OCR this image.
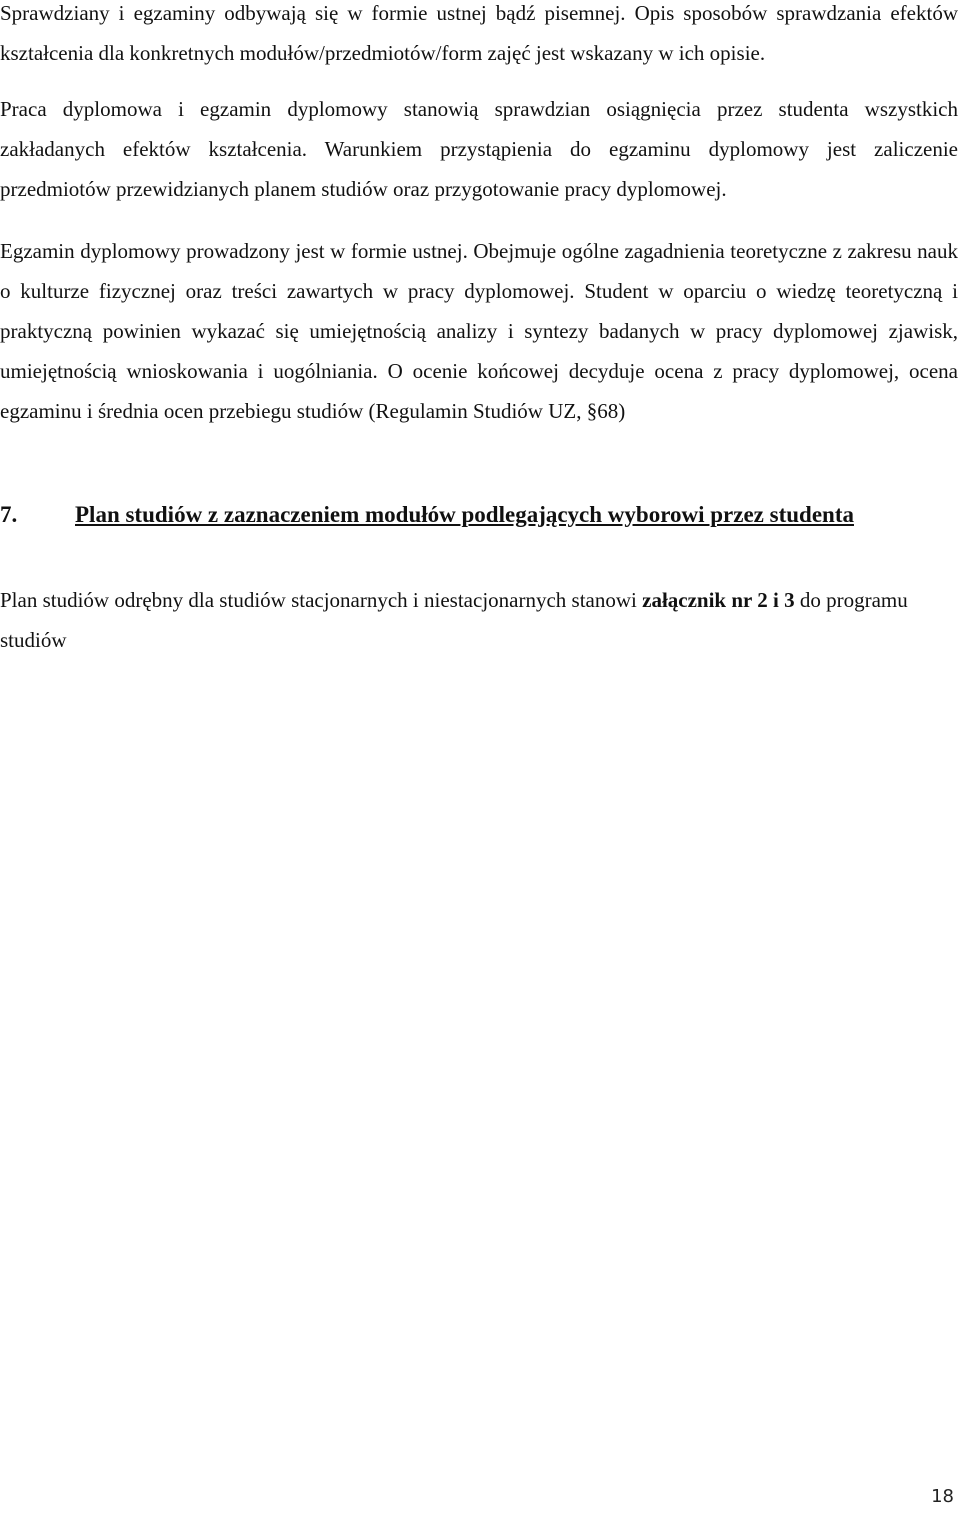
Sprawdziany i egzaminy odbywają się w formie ustnej bądź pisemnej. Opis sposobów sprawdzania efektów kształcenia dla konkretnych modułów/przedmiotów/form zajęć jest wskazany w ich opisie.

Praca dyplomowa i egzamin dyplomowy stanowią sprawdzian osiągnięcia przez studenta wszystkich zakładanych efektów kształcenia. Warunkiem przystąpienia do egzaminu dyplomowy jest zaliczenie przedmiotów przewidzianych planem studiów oraz przygotowanie pracy dyplomowej.

Egzamin dyplomowy prowadzony jest w formie ustnej. Obejmuje ogólne zagadnienia teoretyczne z zakresu nauk o kulturze fizycznej oraz treści zawartych w pracy dyplomowej. Student w oparciu o wiedzę teoretyczną i praktyczną powinien wykazać się umiejętnością analizy i syntezy badanych w pracy dyplomowej zjawisk, umiejętnością wnioskowania i uogólniania. O ocenie końcowej decyduje ocena z pracy dyplomowej, ocena egzaminu i średnia ocen przebiegu studiów (Regulamin Studiów UZ, §68)

7.	Plan studiów z zaznaczeniem modułów podlegających wyborowi przez studenta

Plan studiów odrębny dla studiów stacjonarnych i niestacjonarnych stanowi załącznik nr 2 i 3 do programu studiów

18
